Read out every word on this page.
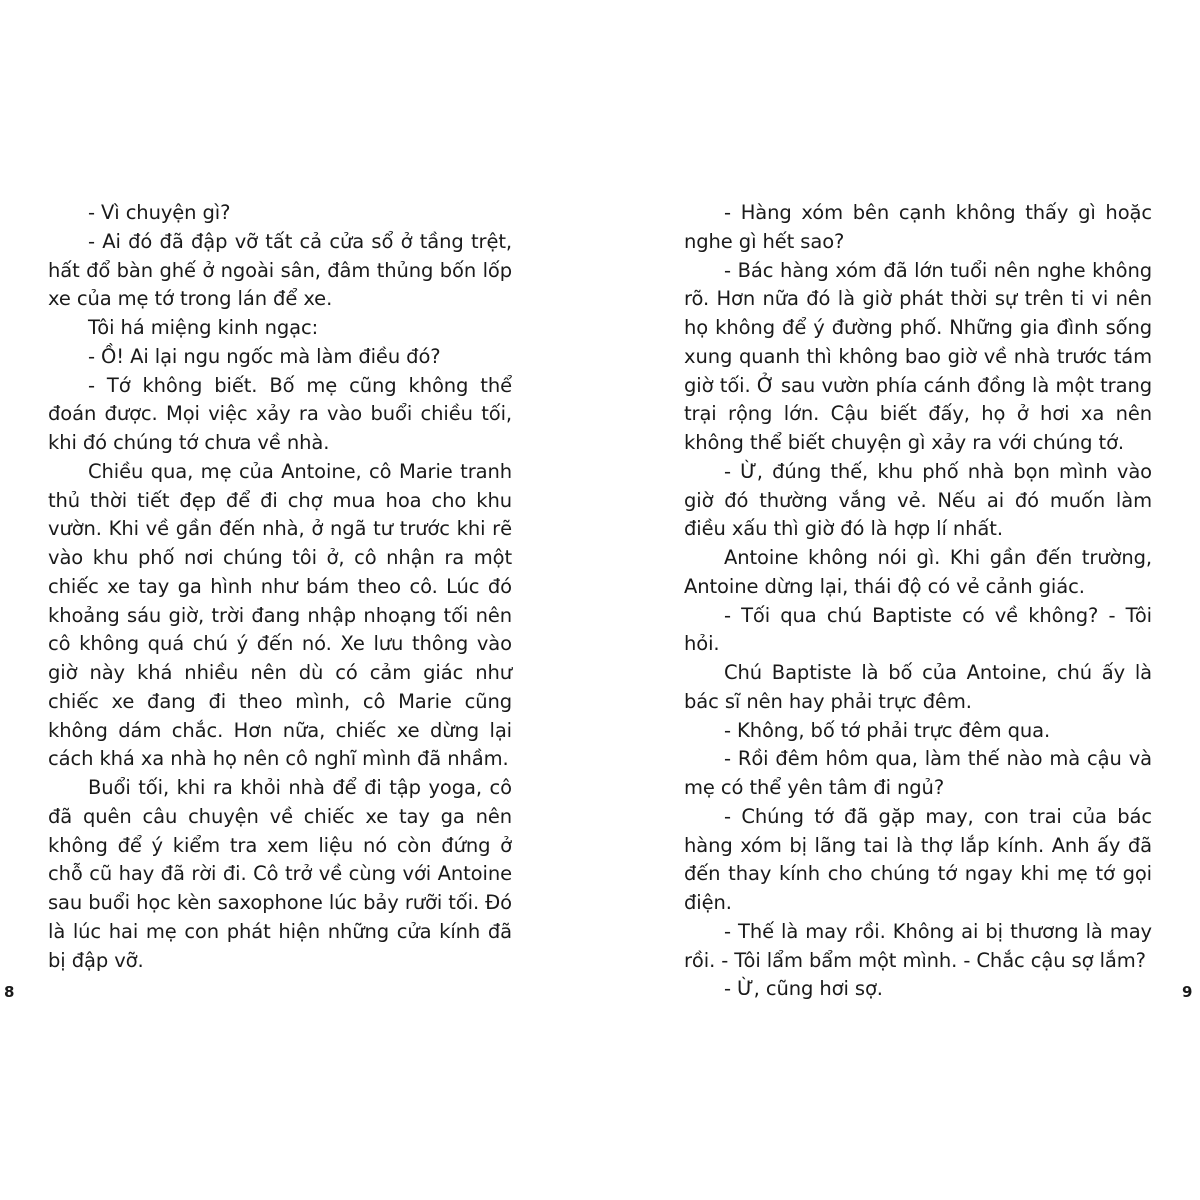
- Vì chuyện gì?

- Ai đó đã đập vỡ tất cả cửa sổ ở tầng trệt, hất đổ bàn ghế ở ngoài sân, đâm thủng bốn lốp xe của mẹ tớ trong lán để xe.

Tôi há miệng kinh ngạc:

- Ồ! Ai lại ngu ngốc mà làm điều đó?

- Tớ không biết. Bố mẹ cũng không thể đoán được. Mọi việc xảy ra vào buổi chiều tối, khi đó chúng tớ chưa về nhà.

Chiều qua, mẹ của Antoine, cô Marie tranh thủ thời tiết đẹp để đi chợ mua hoa cho khu vườn. Khi về gần đến nhà, ở ngã tư trước khi rẽ vào khu phố nơi chúng tôi ở, cô nhận ra một chiếc xe tay ga hình như bám theo cô. Lúc đó khoảng sáu giờ, trời đang nhập nhoạng tối nên cô không quá chú ý đến nó. Xe lưu thông vào giờ này khá nhiều nên dù có cảm giác như chiếc xe đang đi theo mình, cô Marie cũng không dám chắc. Hơn nữa, chiếc xe dừng lại cách khá xa nhà họ nên cô nghĩ mình đã nhầm.

Buổi tối, khi ra khỏi nhà để đi tập yoga, cô đã quên câu chuyện về chiếc xe tay ga nên không để ý kiểm tra xem liệu nó còn đứng ở chỗ cũ hay đã rời đi. Cô trở về cùng với Antoine sau buổi học kèn saxophone lúc bảy rưỡi tối. Đó là lúc hai mẹ con phát hiện những cửa kính đã bị đập vỡ.

- Hàng xóm bên cạnh không thấy gì hoặc nghe gì hết sao?

- Bác hàng xóm đã lớn tuổi nên nghe không rõ. Hơn nữa đó là giờ phát thời sự trên ti vi nên họ không để ý đường phố. Những gia đình sống xung quanh thì không bao giờ về nhà trước tám giờ tối. Ở sau vườn phía cánh đồng là một trang trại rộng lớn. Cậu biết đấy, họ ở hơi xa nên không thể biết chuyện gì xảy ra với chúng tớ.

- Ừ, đúng thế, khu phố nhà bọn mình vào giờ đó thường vắng vẻ. Nếu ai đó muốn làm điều xấu thì giờ đó là hợp lí nhất.

Antoine không nói gì. Khi gần đến trường, Antoine dừng lại, thái độ có vẻ cảnh giác.

- Tối qua chú Baptiste có về không? - Tôi hỏi.

Chú Baptiste là bố của Antoine, chú ấy là bác sĩ nên hay phải trực đêm.

- Không, bố tớ phải trực đêm qua.

- Rồi đêm hôm qua, làm thế nào mà cậu và mẹ có thể yên tâm đi ngủ?

- Chúng tớ đã gặp may, con trai của bác hàng xóm bị lãng tai là thợ lắp kính. Anh ấy đã đến thay kính cho chúng tớ ngay khi mẹ tớ gọi điện.

- Thế là may rồi. Không ai bị thương là may rồi. - Tôi lẩm bẩm một mình. - Chắc cậu sợ lắm?

- Ừ, cũng hơi sợ.

8	9
